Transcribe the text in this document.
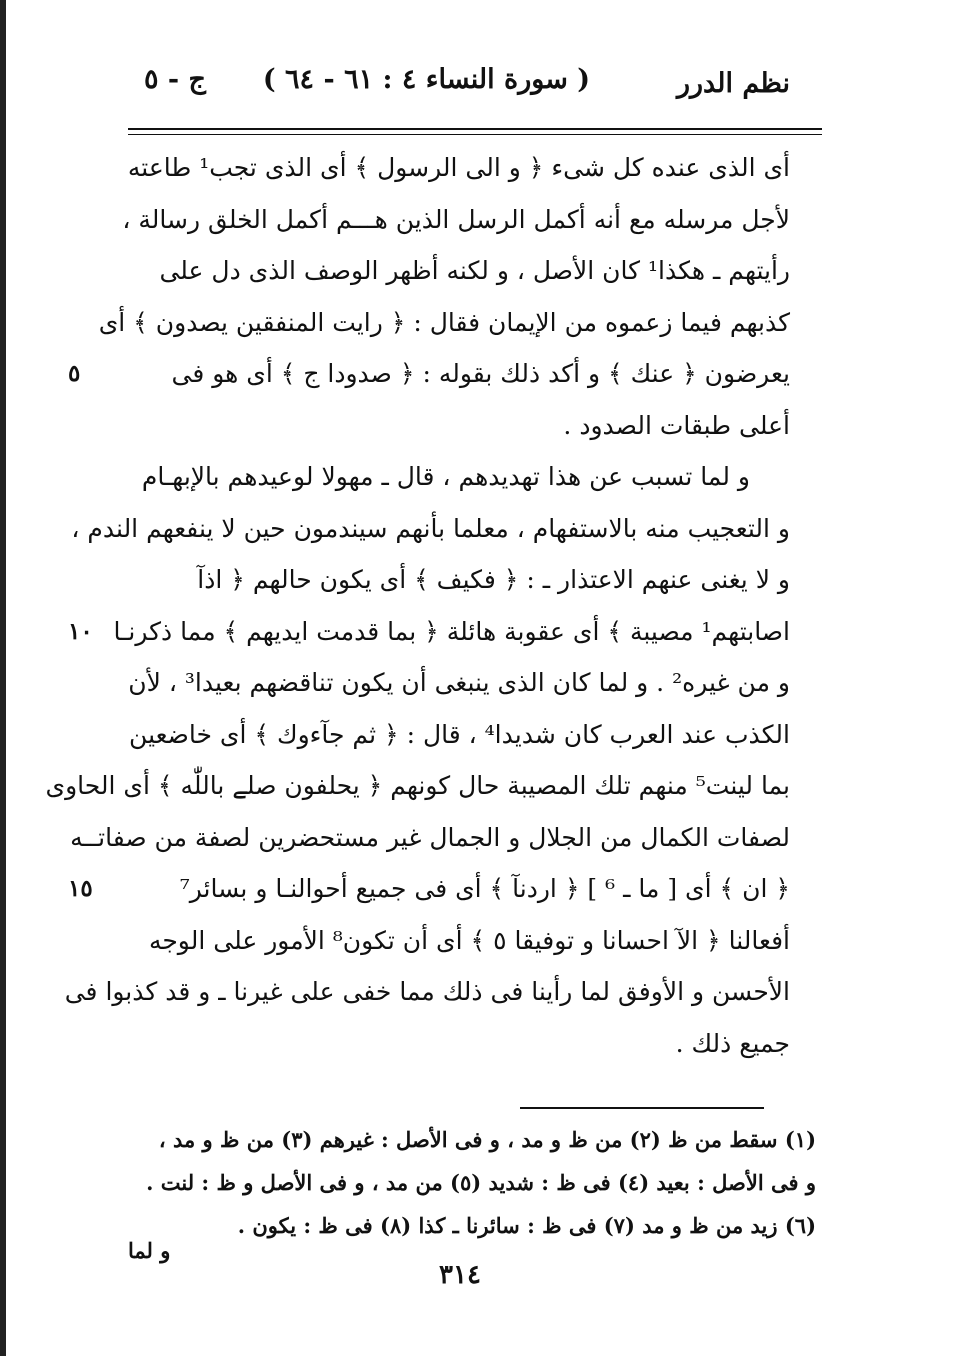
نظم الدرر
( سورة النساء ٤ : ٦١ - ٦٤ )
ج - ٥
أى الذى عنده كل شىء ﴿ و الى الرسول ﴾ أى الذى تجب¹ طاعته
لأجل مرسله مع أنه أكمل الرسل الذين هـــم أكمل الخلق رسالة ،
رأيتهم ـ هكذا¹ كان الأصل ، و لكنه أظهر الوصف الذى دل على
كذبهم فيما زعموه من الإيمان فقال : ﴿ رايت المنفقين يصدون ﴾ أى
يعرضون ﴿ عنك ﴾ و أكد ذلك بقوله : ﴿ صدودا ج ﴾ أى هو فى
٥
أعلى طبقات الصدود .
و لما تسبب عن هذا تهديدهم ، قال ـ مهولا لوعيدهم بالإبهـام
و التعجيب منه بالاستفهام ، معلما بأنهم سيندمون حين لا ينفعهم الندم ،
و لا يغنى عنهم الاعتذار ـ : ﴿ فكيف ﴾ أى يكون حالهم ﴿ اذآ
اصابتهم¹ مصيبة ﴾ أى عقوبة هائلة ﴿ بما قدمت ايديهم ﴾ مما ذكرنـا
١٠
و من غيره² . و لما كان الذى ينبغى أن يكون تناقضهم بعيدا³ ، لأن
الكذب عند العرب كان شديدا⁴ ، قال : ﴿ ثم جآءوك ﴾ أى خاضعين
بما لينت⁵ منهم تلك المصيبة حال كونهم ﴿ يحلفون صلے باللّٰه ﴾ أى الحاوى
لصفات الكمال من الجلال و الجمال غير مستحضرين لصفة من صفاتــه
﴿ ان ﴾ أى [ ما ـ ⁶ ] ﴿ اردنآ ﴾ أى فى جميع أحوالنـا و بسائر⁷
١٥
أفعالنا ﴿ الآ احسانا و توفيقا ٥ ﴾ أى أن تكون⁸ الأمور على الوجه
الأحسن و الأوفق لما رأينا فى ذلك مما خفى على غيرنا ـ و قد كذبوا فى
جميع ذلك .
(١) سقط من ظ (٢) من ظ و مد ، و فى الأصل : غيرهم (٣) من ظ و مد ،
و فى الأصل : بعيد (٤) فى ظ : شديد (٥) من مد ، و فى الأصل و ظ : لنت .
(٦) زيد من ظ و مد (٧) فى ظ : سائرنا ـ كذا (٨) فى ظ : يكون .
و لما
٣١٤
